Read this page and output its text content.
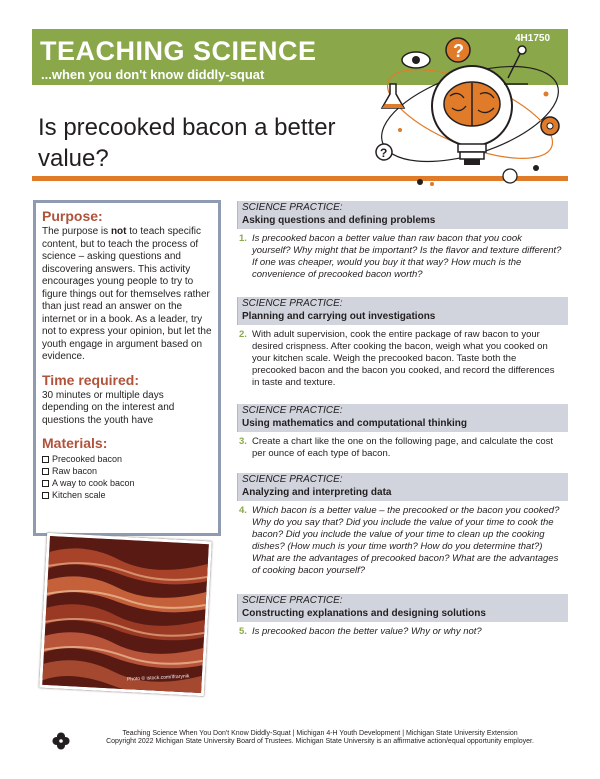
TEACHING SCIENCE
...when you don't know diddly-squat
4H1750
Is precooked bacon a better value?
?
?
Purpose:

The purpose is not to teach specific content, but to teach the process of science – asking questions and discovering answers. This activity encourages young people to try to figure things out for themselves rather than just read an answer on the internet or in a book. As a leader, try not to express your opinion, but let the youth engage in argument based on evidence.

Time required:

30 minutes or multiple days depending on the interest and questions the youth have

Materials:
Precooked bacon
Raw bacon
A way to cook bacon
Kitchen scale
Photo © istock.com/Ifrarynik
SCIENCE PRACTICE:
Asking questions and defining problems
1. Is precooked bacon a better value than raw bacon that you cook yourself? Why might that be important? Is the flavor and texture different? If one was cheaper, would you buy it that way? How much is the convenience of precooked bacon worth?
SCIENCE PRACTICE:
Planning and carrying out investigations
2. With adult supervision, cook the entire package of raw bacon to your desired crispness. After cooking the bacon, weigh what you cooked on your kitchen scale. Weigh the precooked bacon. Taste both the precooked bacon and the bacon you cooked, and record the differences in taste and texture.
SCIENCE PRACTICE:
Using mathematics and computational thinking
3. Create a chart like the one on the following page, and calculate the cost per ounce of each type of bacon.
SCIENCE PRACTICE:
Analyzing and interpreting data
4. Which bacon is a better value – the precooked or the bacon you cooked? Why do you say that? Did you include the value of your time to cook the bacon? Did you include the value of your time to clean up the cooking dishes? (How much is your time worth? How do you determine that?) What are the advantages of precooked bacon? What are the advantages of cooking bacon yourself?
SCIENCE PRACTICE:
Constructing explanations and designing solutions
5. Is precooked bacon the better value? Why or why not?
Teaching Science When You Don't Know Diddly-Squat | Michigan 4-H Youth Development | Michigan State University Extension
Copyright 2022 Michigan State University Board of Trustees. Michigan State University is an affirmative action/equal opportunity employer.
